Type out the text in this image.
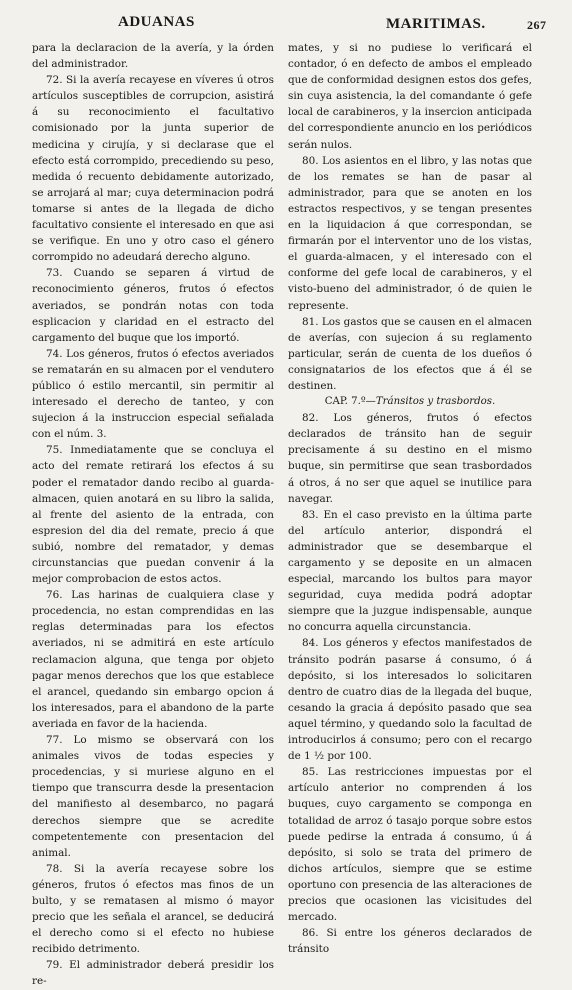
ADUANAS	MARITIMAS.	267

para la declaracion de la avería, y la órden del administrador.

72. Si la avería recayese en víveres ú otros artículos susceptibles de corrupcion, asistirá á su reconocimiento el facultativo comisionado por la junta superior de medicina y cirujía, y si declarase que el efecto está corrompido, precediendo su peso, medida ó recuento debidamente autorizado, se arrojará al mar; cuya determinacion podrá tomarse si antes de la llegada de dicho facultativo consiente el interesado en que asi se verifique. En uno y otro caso el género corrompido no adeudará derecho alguno.

73. Cuando se separen á virtud de reconocimiento géneros, frutos ó efectos averiados, se pondrán notas con toda esplicacion y claridad en el estracto del cargamento del buque que los importó.

74. Los géneros, frutos ó efectos averiados se rematarán en su almacen por el vendutero público ó estilo mercantil, sin permitir al interesado el derecho de tanteo, y con sujecion á la instruccion especial señalada con el núm. 3.

75. Inmediatamente que se concluya el acto del remate retirará los efectos á su poder el rematador dando recibo al guarda-almacen, quien anotará en su libro la salida, al frente del asiento de la entrada, con espresion del dia del remate, precio á que subió, nombre del rematador, y demas circunstancias que puedan convenir á la mejor comprobacion de estos actos.

76. Las harinas de cualquiera clase y procedencia, no estan comprendidas en las reglas determinadas para los efectos averiados, ni se admitirá en este artículo reclamacion alguna, que tenga por objeto pagar menos derechos que los que establece el arancel, quedando sin embargo opcion á los interesados, para el abandono de la parte averiada en favor de la hacienda.

77. Lo mismo se observará con los animales vivos de todas especies y procedencias, y si muriese alguno en el tiempo que transcurra desde la presentacion del manifiesto al desembarco, no pagará derechos siempre que se acredite competentemente con presentacion del animal.

78. Si la avería recayese sobre los géneros, frutos ó efectos mas finos de un bulto, y se rematasen al mismo ó mayor precio que les señala el arancel, se deducirá el derecho como si el efecto no hubiese recibido detrimento.

79. El administrador deberá presidir los re-

mates, y si no pudiese lo verificará el contador, ó en defecto de ambos el empleado que de conformidad designen estos dos gefes, sin cuya asistencia, la del comandante ó gefe local de carabineros, y la insercion anticipada del correspondiente anuncio en los periódicos serán nulos.

80. Los asientos en el libro, y las notas que de los remates se han de pasar al administrador, para que se anoten en los estractos respectivos, y se tengan presentes en la liquidacion á que correspondan, se firmarán por el interventor uno de los vistas, el guarda-almacen, y el interesado con el conforme del gefe local de carabineros, y el visto-bueno del administrador, ó de quien le represente.

81. Los gastos que se causen en el almacen de averías, con sujecion á su reglamento particular, serán de cuenta de los dueños ó consignatarios de los efectos que á él se destinen.

CAP. 7.º—Tránsitos y trasbordos.

82. Los géneros, frutos ó efectos declarados de tránsito han de seguir precisamente á su destino en el mismo buque, sin permitirse que sean trasbordados á otros, á no ser que aquel se inutilice para navegar.

83. En el caso previsto en la última parte del artículo anterior, dispondrá el administrador que se desembarque el cargamento y se deposite en un almacen especial, marcando los bultos para mayor seguridad, cuya medida podrá adoptar siempre que la juzgue indispensable, aunque no concurra aquella circunstancia.

84. Los géneros y efectos manifestados de tránsito podrán pasarse á consumo, ó á depósito, si los interesados lo solicitaren dentro de cuatro dias de la llegada del buque, cesando la gracia á depósito pasado que sea aquel término, y quedando solo la facultad de introducirlos á consumo; pero con el recargo de 1 ½ por 100.

85. Las restricciones impuestas por el artículo anterior no comprenden á los buques, cuyo cargamento se componga en totalidad de arroz ó tasajo porque sobre estos puede pedirse la entrada á consumo, ú á depósito, si solo se trata del primero de dichos artículos, siempre que se estime oportuno con presencia de las alteraciones de precios que ocasionen las vicisitudes del mercado.

86. Si entre los géneros declarados de tránsito
